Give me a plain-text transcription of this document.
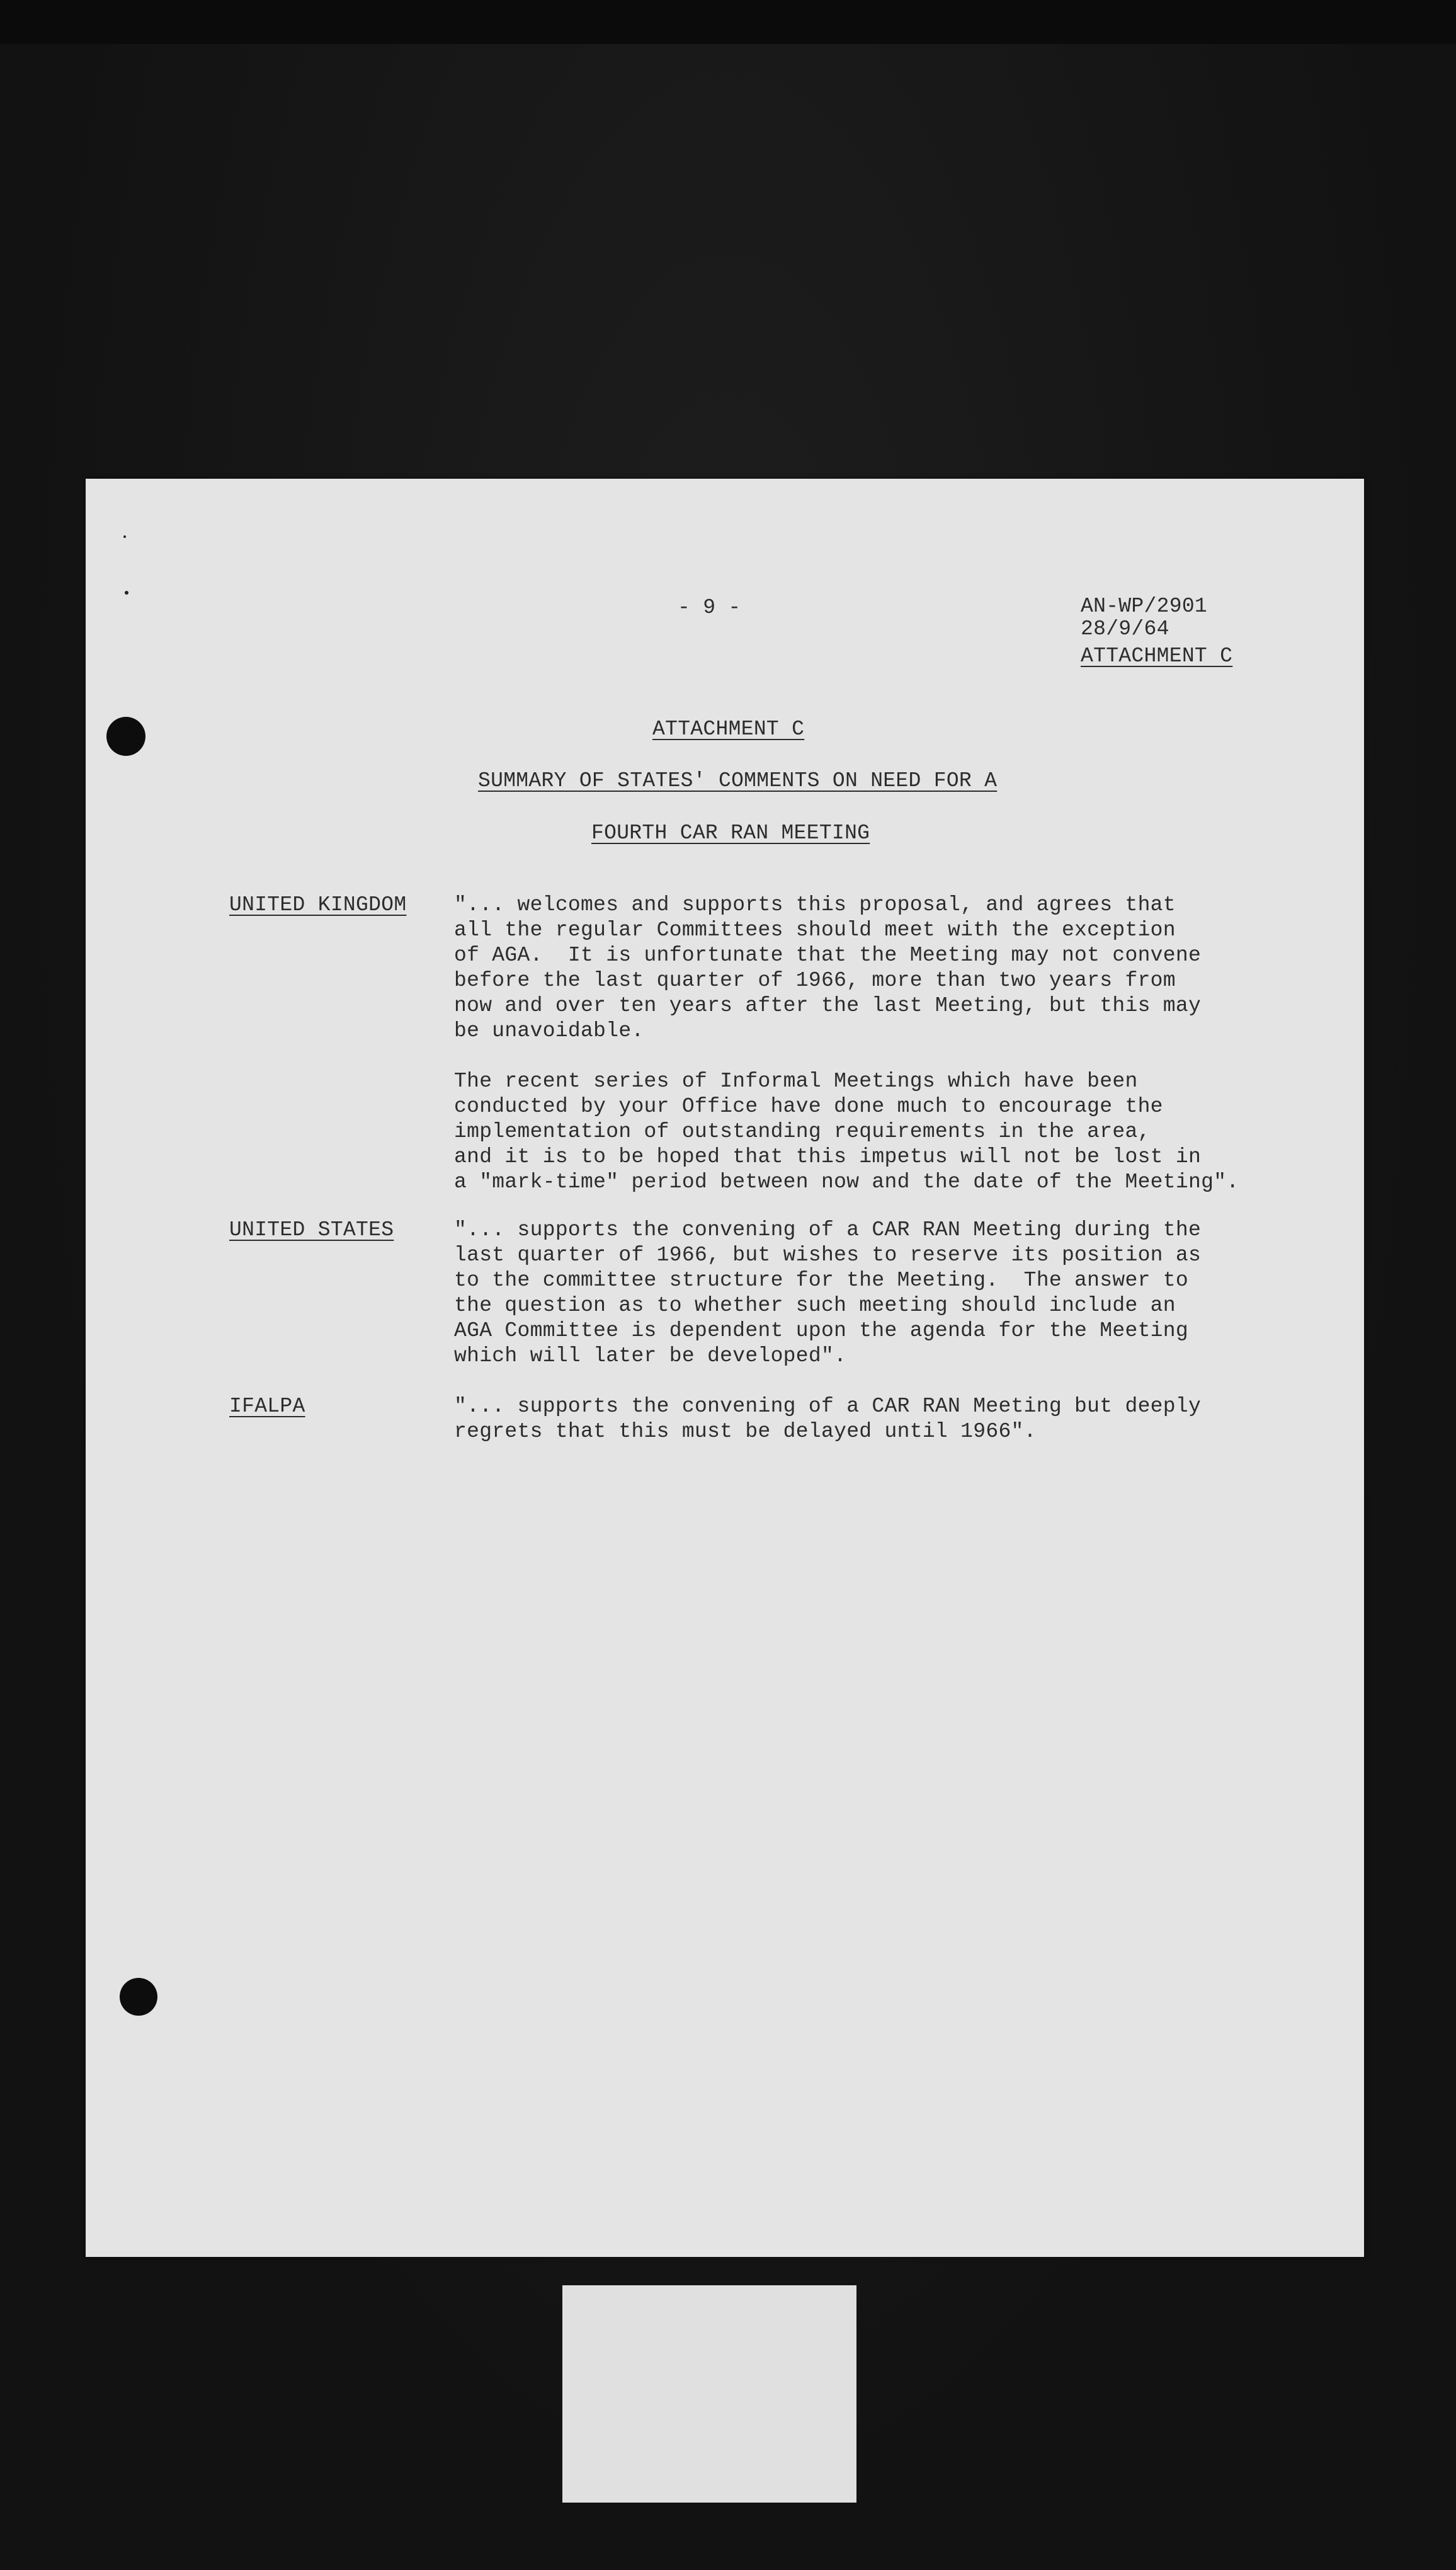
- 9 -	AN-WP/2901
28/9/64
ATTACHMENT C
ATTACHMENT C
SUMMARY OF STATES' COMMENTS ON NEED FOR A
FOURTH CAR RAN MEETING
UNITED KINGDOM "... welcomes and supports this proposal, and agrees that
all the regular Committees should meet with the exception
of AGA.  It is unfortunate that the Meeting may not convene
before the last quarter of 1966, more than two years from
now and over ten years after the last Meeting, but this may
be unavoidable.
The recent series of Informal Meetings which have been
conducted by your Office have done much to encourage the
implementation of outstanding requirements in the area,
and it is to be hoped that this impetus will not be lost in
a "mark-time" period between now and the date of the Meeting".
UNITED STATES	"... supports the convening of a CAR RAN Meeting during the
last quarter of 1966, but wishes to reserve its position as
to the committee structure for the Meeting.  The answer to
the question as to whether such meeting should include an
AGA Committee is dependent upon the agenda for the Meeting
which will later be developed".
IFALPA	"... supports the convening of a CAR RAN Meeting but deeply
regrets that this must be delayed until 1966".
